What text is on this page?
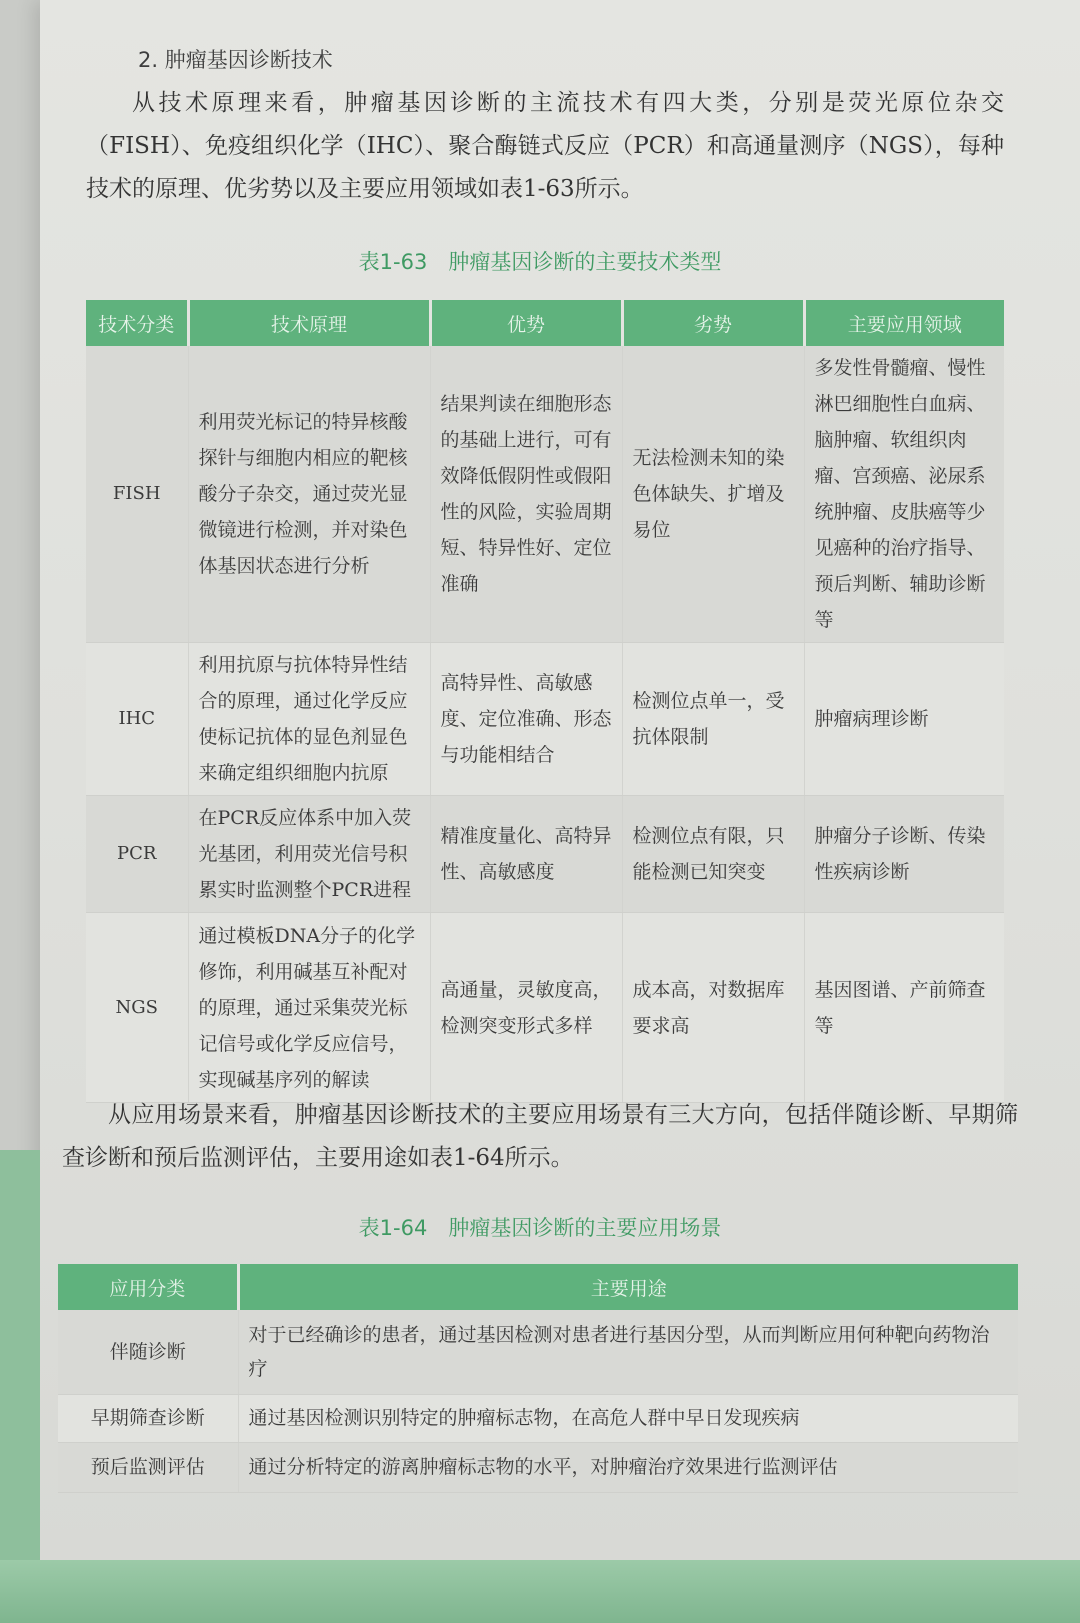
2. 肿瘤基因诊断技术
从技术原理来看，肿瘤基因诊断的主流技术有四大类，分别是荧光原位杂交（FISH）、免疫组织化学（IHC）、聚合酶链式反应（PCR）和高通量测序（NGS），每种技术的原理、优劣势以及主要应用领域如表1-63所示。
表1-63　肿瘤基因诊断的主要技术类型
技术分类	技术原理	优势	劣势	主要应用领域
FISH	利用荧光标记的特异核酸探针与细胞内相应的靶核酸分子杂交，通过荧光显微镜进行检测，并对染色体基因状态进行分析	结果判读在细胞形态的基础上进行，可有效降低假阴性或假阳性的风险，实验周期短、特异性好、定位准确	无法检测未知的染色体缺失、扩增及易位	多发性骨髓瘤、慢性淋巴细胞性白血病、脑肿瘤、软组织肉瘤、宫颈癌、泌尿系统肿瘤、皮肤癌等少见癌种的治疗指导、预后判断、辅助诊断等
IHC	利用抗原与抗体特异性结合的原理，通过化学反应使标记抗体的显色剂显色来确定组织细胞内抗原	高特异性、高敏感度、定位准确、形态与功能相结合	检测位点单一，受抗体限制	肿瘤病理诊断
PCR	在PCR反应体系中加入荧光基团，利用荧光信号积累实时监测整个PCR进程	精准度量化、高特异性、高敏感度	检测位点有限，只能检测已知突变	肿瘤分子诊断、传染性疾病诊断
NGS	通过模板DNA分子的化学修饰，利用碱基互补配对的原理，通过采集荧光标记信号或化学反应信号，实现碱基序列的解读	高通量，灵敏度高，检测突变形式多样	成本高，对数据库要求高	基因图谱、产前筛查等
从应用场景来看，肿瘤基因诊断技术的主要应用场景有三大方向，包括伴随诊断、早期筛查诊断和预后监测评估，主要用途如表1-64所示。
表1-64　肿瘤基因诊断的主要应用场景
应用分类	主要用途
伴随诊断	对于已经确诊的患者，通过基因检测对患者进行基因分型，从而判断应用何种靶向药物治疗
早期筛查诊断	通过基因检测识别特定的肿瘤标志物，在高危人群中早日发现疾病
预后监测评估	通过分析特定的游离肿瘤标志物的水平，对肿瘤治疗效果进行监测评估
